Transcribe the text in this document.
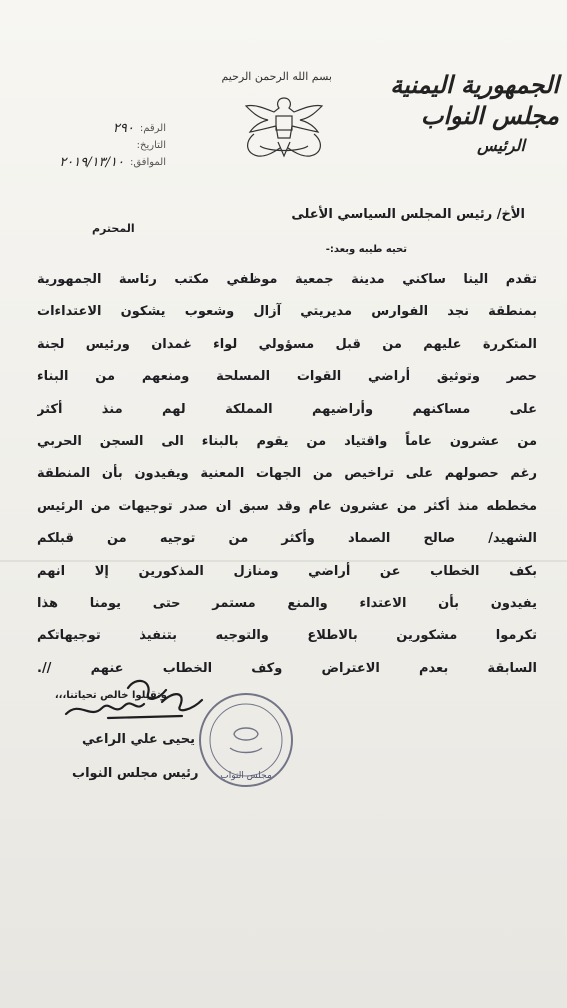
بسم الله الرحمن الرحيم الجمهورية اليمنية
مجلس النواب
الرئيس
الرقم:
٢٩٠
التاريخ:
الموافق:
٢٠١٩/١٣/١٠
الأخ/ رئيس المجلس السياسي الأعلى
المحترم
تحيه طيبه وبعد:-
تقدم الينا ساكني مدينة جمعية موظفي مكتب رئاسة الجمهورية
بمنطقة نجد الفوارس مديريتي آزال وشعوب يشكون الاعتداءات
المتكررة عليهم من قبل مسؤولي لواء غمدان ورئيس لجنة
حصر وتوثيق أراضي القوات المسلحة ومنعهم من البناء
على مساكنهم وأراضيهم المملكة لهم منذ أكثر
من عشرون عاماً واقتياد من يقوم بالبناء الى السجن الحربي
رغم حصولهم على تراخيص من الجهات المعنية ويفيدون بأن المنطقة
مخططه منذ أكثر من عشرون عام وقد سبق ان صدر توجيهات من الرئيس
الشهيد/ صالح الصماد وأكثر من توجيه من قبلكم
بكف الخطاب عن أراضي ومنازل المذكورين إلا انهم
يفيدون بأن الاعتداء والمنع مستمر حتى يومنا هذا
تكرموا مشكورين بالاطلاع والتوجيه بتنفيذ توجيهاتكم
السابقة بعدم الاعتراض وكف الخطاب عنهم //.
وتقبلوا خالص تحياتنا،،،
مجلس النواب
يحيى علي الراعي
رئيس مجلس النواب
